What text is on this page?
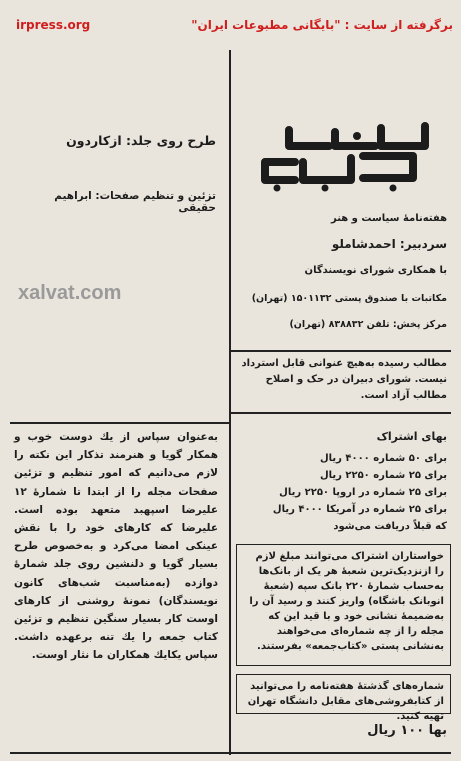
برگرفته از سایت : "بایگانی مطبوعات ایران"
irpress.org
طرح روی جلد: ازکاردون
تزئین و تنظیم صفحات: ابراهیم حقیقی
xalvat.com
هفته‌نامهٔ سیاست و هنر
سردبیر: احمدشاملو
با همکاری شورای نویسندگان
مکاتبات با صندوق پستی ۱۵۰۱۱۳۲ (تهران)
مرکز پخش: تلفن ۸۳۸۸۳۲ (تهران)
مطالب رسیده به‌هیچ عنوانی قابل استرداد نیست. شورای دبیران در حک و اصلاح مطالب آزاد است.
بهای اشتراک
برای ۵۰ شماره ۴۰۰۰ ریال
برای ۲۵ شماره ۲۲۵۰ ریال
برای ۲۵ شماره در اروپا ۲۲۵۰ ریال
برای ۲۵ شماره در آمریکا ۴۰۰۰ ریال
که قبلاً دریافت می‌شود
خواستاران اشتراک می‌توانند مبلغ لازم را ازنزدیک‌ترین شعبهٔ هر یک از بانک‌ها به‌حساب شمارهٔ ۲۲۰ بانک سپه (شعبهٔ انوبانک باشگاه) واریز کنند و رسید آن را به‌ضمیمهٔ نشانی خود و با قید این که مجله را از چه شماره‌ای می‌خواهند به‌نشانی پستی «کتاب‌جمعه» بفرستند.
شماره‌های گذشتهٔ هفته‌نامه را می‌توانید از کتابفروشی‌های مقابل دانشگاه تهران تهیه کنید.
بها ۱۰۰ ریال
به‌عنوان سپاس از یك دوست خوب و همکار گویا و هنرمند تذکار این نکته را لازم می‌دانیم که امور تنظیم و تزئین صفحات مجله را از ابتدا تا شمارهٔ ۱۲ علیرضا اسپهبد متعهد بوده است. علیرضا که کارهای خود را با نقش عینکی امضا می‌کرد و به‌خصوص طرح بسیار گویا و دلنشین روی جلد شمارهٔ دوازده (به‌مناسبت شب‌های کانون نویسندگان) نمونهٔ روشنی از کارهای اوست کار بسیار سنگین تنظیم و تزئین کتاب جمعه را یك تنه برعهده داشت. سپاس یکایك همکاران ما نثار اوست.
